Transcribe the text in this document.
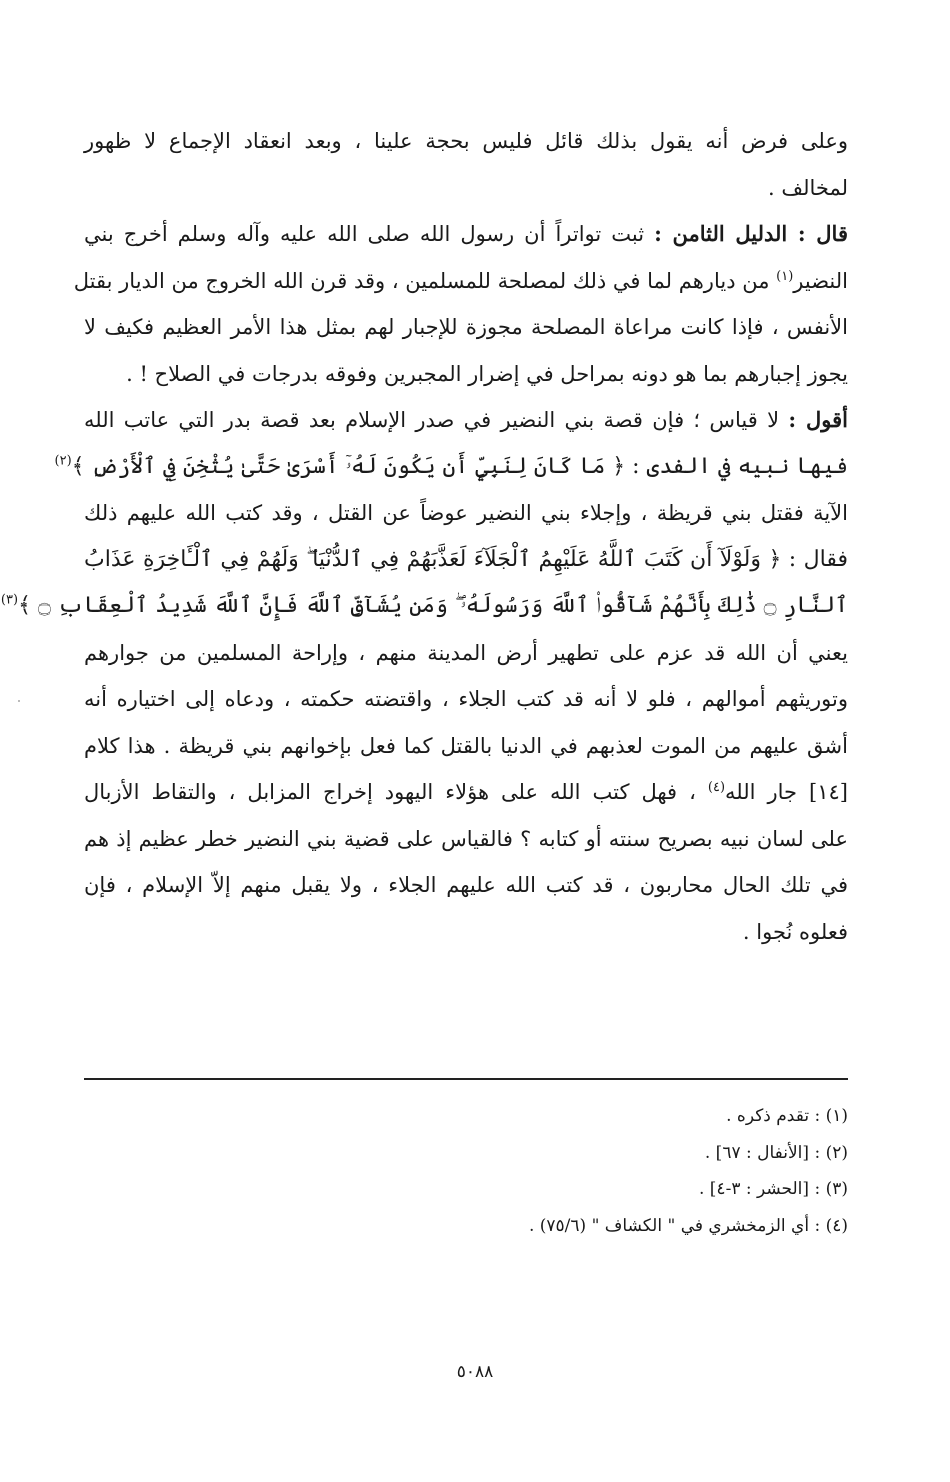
وعلى فرض أنه يقول بذلك قائل فليس بحجة علينا ، وبعد انعقاد الإجماع لا ظهور
لمخالف .
قال : الدليل الثامن : ثبت تواتراً أن رسول الله صلى الله عليه وآله وسلم أخرج بني
النضير$^{(١)}$ من ديارهم لما في ذلك لمصلحة للمسلمين ، وقد قرن الله الخروج من الديار بقتل
الأنفس ، فإذا كانت مراعاة المصلحة مجوزة للإجبار لهم بمثل هذا الأمر العظيم فكيف لا
يجوز إجبارهم بما هو دونه بمراحل في إضرار المجبرين وفوقه بدرجات في الصلاح ! .
أقول : لا قياس ؛ فإن قصة بني النضير في صدر الإسلام بعد قصة بدر التي عاتب الله
فيها نبيه في الفدى : ﴿ مَا كَانَ لِنَبِيٍّ أَن يَكُونَ لَهُۥٓ أَسْرَىٰ حَتَّىٰ يُثْخِنَ فِي ٱلْأَرْضِ ﴾$^{(٢)}$
الآية فقتل بني قريظة ، وإجلاء بني النضير عوضاً عن القتل ، وقد كتب الله عليهم ذلك
فقال : ﴿ وَلَوْلَآ أَن كَتَبَ ٱللَّهُ عَلَيْهِمُ ٱلْجَلَآءَ لَعَذَّبَهُمْ فِي ٱلدُّنْيَا ۖ وَلَهُمْ فِي ٱلْـَٔاخِرَةِ عَذَابُ
ٱلنَّارِ ۝ ذَٰلِكَ بِأَنَّهُمْ شَآقُّوا۟ ٱللَّهَ وَرَسُولَهُۥ ۖ وَمَن يُشَآقِّ ٱللَّهَ فَإِنَّ ٱللَّهَ شَدِيدُ ٱلْعِقَابِ ۝ ﴾$^{(٣)}$
يعني أن الله قد عزم على تطهير أرض المدينة منهم ، وإراحة المسلمين من جوارهم
وتوريثهم أموالهم ، فلو لا أنه قد كتب الجلاء ، واقتضته حكمته ، ودعاه إلى اختياره أنه
أشق عليهم من الموت لعذبهم في الدنيا بالقتل كما فعل بإخوانهم بني قريظة . هذا كلام
[١٤] جار الله$^{(٤)}$ ، فهل كتب الله على هؤلاء اليهود إخراج المزابل ، والتقاط الأزبال
على لسان نبيه بصريح سنته أو كتابه ؟ فالقياس على قضية بني النضير خطر عظيم إذ هم
في تلك الحال محاربون ، قد كتب الله عليهم الجلاء ، ولا يقبل منهم إلاّ الإسلام ، فإن
فعلوه نُجوا .
(١) : تقدم ذكره .
(٢) : [الأنفال : ٦٧] .
(٣) : [الحشر : ٣-٤] .
(٤) : أي الزمخشري في " الكشاف " (٧٥/٦) .
٥٠٨٨
